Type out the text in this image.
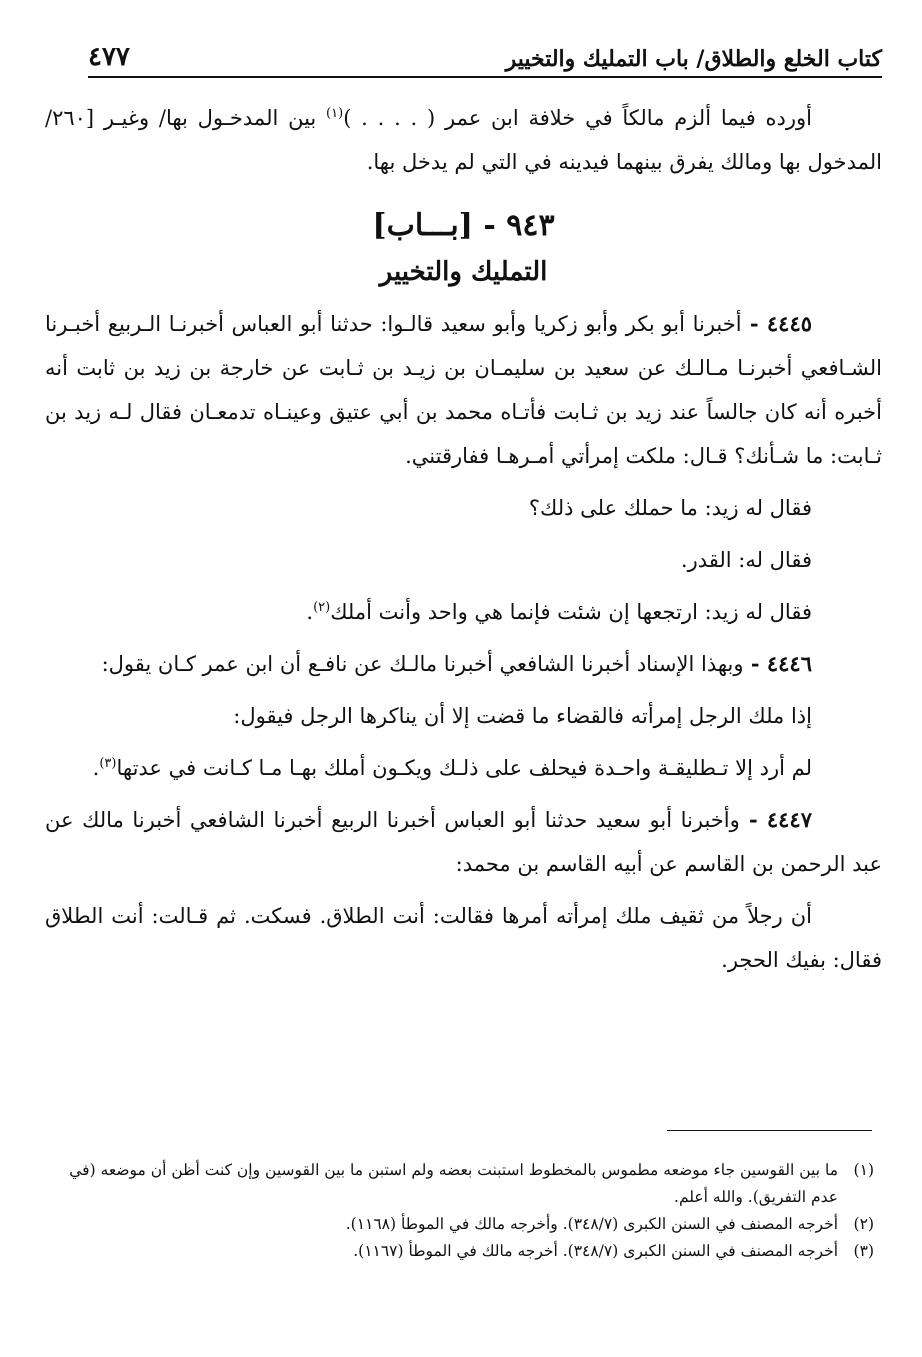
كتاب الخلع والطلاق/ باب التمليك والتخيير
٤٧٧

أورده فيما ألزم مالكاً في خلافة ابن عمر ( . . . . )$^{(١)}$ بين المدخـول بها/ وغيـر [٢٦٠/ المدخول بها ومالك يفرق بينهما فيدينه في التي لم يدخل بها.

٩٤٣ - [بـــاب]
التمليك والتخيير

٤٤٤٥ - أخبرنا أبو بكر وأبو زكريا وأبو سعيد قالـوا: حدثنا أبو العباس أخبرنـا الـربيع أخبـرنا الشـافعي أخبرنـا مـالـك عن سعيد بن سليمـان بن زيـد بن ثـابت عن خارجة بن زيد بن ثابت أنه أخبره أنه كان جالساً عند زيد بن ثـابت فأتـاه محمد بن أبي عتيق وعينـاه تدمعـان فقال لـه زيد بن ثـابت: ما شـأنك؟ قـال: ملكت إمرأتي أمـرهـا ففارقتني.

فقال له زيد: ما حملك على ذلك؟

فقال له: القدر.

فقال له زيد: ارتجعها إن شئت فإنما هي واحد وأنت أملك$^{(٢)}$.

٤٤٤٦ - وبهذا الإسناد أخبرنا الشافعي أخبرنا مالـك عن نافـع أن ابن عمر كـان يقول:

إذا ملك الرجل إمرأته فالقضاء ما قضت إلا أن يناكرها الرجل فيقول:

لم أرد إلا تـطليقـة واحـدة فيحلف على ذلـك ويكـون أملك بهـا مـا كـانت في عدتها$^{(٣)}$.

٤٤٤٧ - وأخبرنا أبو سعيد حدثنا أبو العباس أخبرنا الربيع أخبرنا الشافعي أخبرنا مالك عن عبد الرحمن بن القاسم عن أبيه القاسم بن محمد:

أن رجلاً من ثقيف ملك إمرأته أمرها فقالت: أنت الطلاق. فسكت. ثم قـالت: أنت الطلاق فقال: بفيك الحجر.

(١)
ما بين القوسين جاء موضعه مطموس بالمخطوط استبنت بعضه ولم استبن ما بين القوسين وإن كنت أظن أن موضعه (في عدم التفريق). والله أعلم.
(٢)
أخرجه المصنف في السنن الكبرى (٣٤٨/٧). وأخرجه مالك في الموطأ (١١٦٨).
(٣)
أخرجه المصنف في السنن الكبرى (٣٤٨/٧). أخرجه مالك في الموطأ (١١٦٧).
